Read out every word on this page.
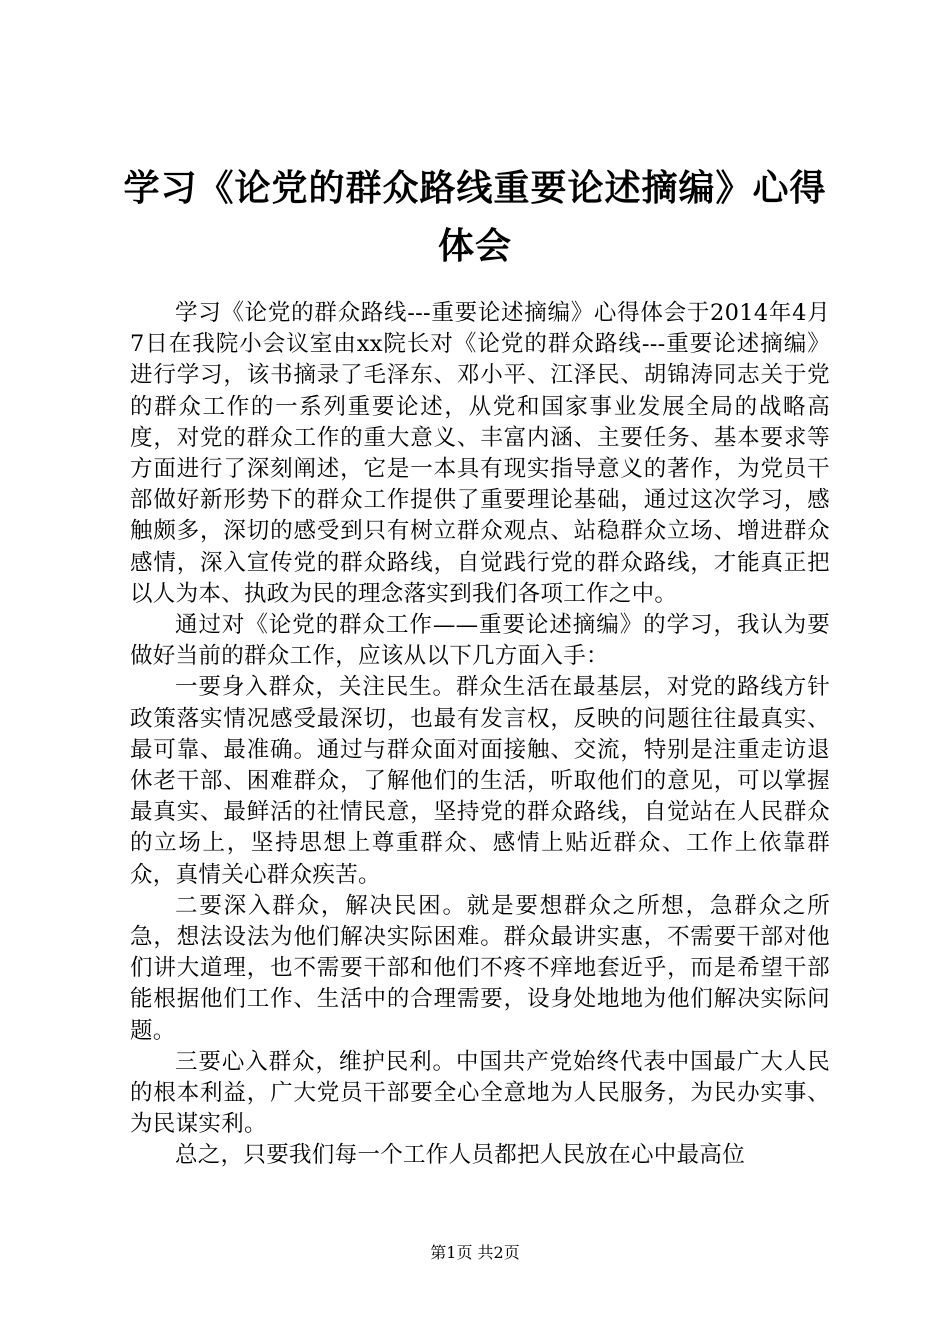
学习《论党的群众路线重要论述摘编》心得体会

学习《论党的群众路线---重要论述摘编》心得体会于2014年4月7日在我院小会议室由xx院长对《论党的群众路线---重要论述摘编》进行学习，该书摘录了毛泽东、邓小平、江泽民、胡锦涛同志关于党的群众工作的一系列重要论述，从党和国家事业发展全局的战略高度，对党的群众工作的重大意义、丰富内涵、主要任务、基本要求等方面进行了深刻阐述，它是一本具有现实指导意义的著作，为党员干部做好新形势下的群众工作提供了重要理论基础，通过这次学习，感触颇多，深切的感受到只有树立群众观点、站稳群众立场、增进群众感情，深入宣传党的群众路线，自觉践行党的群众路线，才能真正把以人为本、执政为民的理念落实到我们各项工作之中。

通过对《论党的群众工作——重要论述摘编》的学习，我认为要做好当前的群众工作，应该从以下几方面入手：

一要身入群众，关注民生。群众生活在最基层，对党的路线方针政策落实情况感受最深切，也最有发言权，反映的问题往往最真实、最可靠、最准确。通过与群众面对面接触、交流，特别是注重走访退休老干部、困难群众，了解他们的生活，听取他们的意见，可以掌握最真实、最鲜活的社情民意，坚持党的群众路线，自觉站在人民群众的立场上，坚持思想上尊重群众、感情上贴近群众、工作上依靠群众，真情关心群众疾苦。

二要深入群众，解决民困。就是要想群众之所想，急群众之所急，想法设法为他们解决实际困难。群众最讲实惠，不需要干部对他们讲大道理，也不需要干部和他们不疼不痒地套近乎，而是希望干部能根据他们工作、生活中的合理需要，设身处地地为他们解决实际问题。

三要心入群众，维护民利。中国共产党始终代表中国最广大人民的根本利益，广大党员干部要全心全意地为人民服务，为民办实事、为民谋实利。

总之，只要我们每一个工作人员都把人民放在心中最高位

第1页 共2页
